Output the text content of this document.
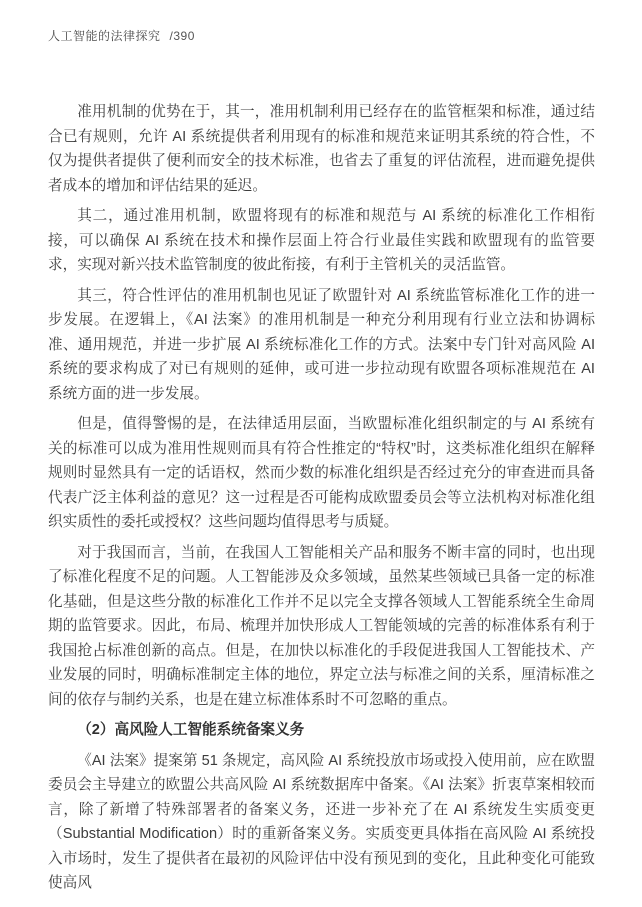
人工智能的法律探究 /390

准用机制的优势在于，其一，准用机制利用已经存在的监管框架和标准，通过结合已有规则，允许 AI 系统提供者利用现有的标准和规范来证明其系统的符合性，不仅为提供者提供了便利而安全的技术标准，也省去了重复的评估流程，进而避免提供者成本的增加和评估结果的延迟。

其二，通过准用机制，欧盟将现有的标准和规范与 AI 系统的标准化工作相衔接，可以确保 AI 系统在技术和操作层面上符合行业最佳实践和欧盟现有的监管要求，实现对新兴技术监管制度的彼此衔接，有利于主管机关的灵活监管。

其三，符合性评估的准用机制也见证了欧盟针对 AI 系统监管标准化工作的进一步发展。在逻辑上，《AI 法案》的准用机制是一种充分利用现有行业立法和协调标准、通用规范，并进一步扩展 AI 系统标准化工作的方式。法案中专门针对高风险 AI 系统的要求构成了对已有规则的延伸，或可进一步拉动现有欧盟各项标准规范在 AI 系统方面的进一步发展。

但是，值得警惕的是，在法律适用层面，当欧盟标准化组织制定的与 AI 系统有关的标准可以成为准用性规则而具有符合性推定的“特权”时，这类标准化组织在解释规则时显然具有一定的话语权，然而少数的标准化组织是否经过充分的审查进而具备代表广泛主体利益的意见？这一过程是否可能构成欧盟委员会等立法机构对标准化组织实质性的委托或授权？这些问题均值得思考与质疑。

对于我国而言，当前，在我国人工智能相关产品和服务不断丰富的同时，也出现了标准化程度不足的问题。人工智能涉及众多领域，虽然某些领域已具备一定的标准化基础，但是这些分散的标准化工作并不足以完全支撑各领域人工智能系统全生命周期的监管要求。因此，布局、梳理并加快形成人工智能领域的完善的标准体系有利于我国抢占标准创新的高点。但是，在加快以标准化的手段促进我国人工智能技术、产业发展的同时，明确标准制定主体的地位，界定立法与标准之间的关系，厘清标准之间的依存与制约关系，也是在建立标准体系时不可忽略的重点。

（2）高风险人工智能系统备案义务

《AI 法案》提案第 51 条规定，高风险 AI 系统投放市场或投入使用前，应在欧盟委员会主导建立的欧盟公共高风险 AI 系统数据库中备案。《AI 法案》折衷草案相较而言，除了新增了特殊部署者的备案义务，还进一步补充了在 AI 系统发生实质变更（Substantial Modification）时的重新备案义务。实质变更具体指在高风险 AI 系统投入市场时，发生了提供者在最初的风险评估中没有预见到的变化，且此种变化可能致使高风
